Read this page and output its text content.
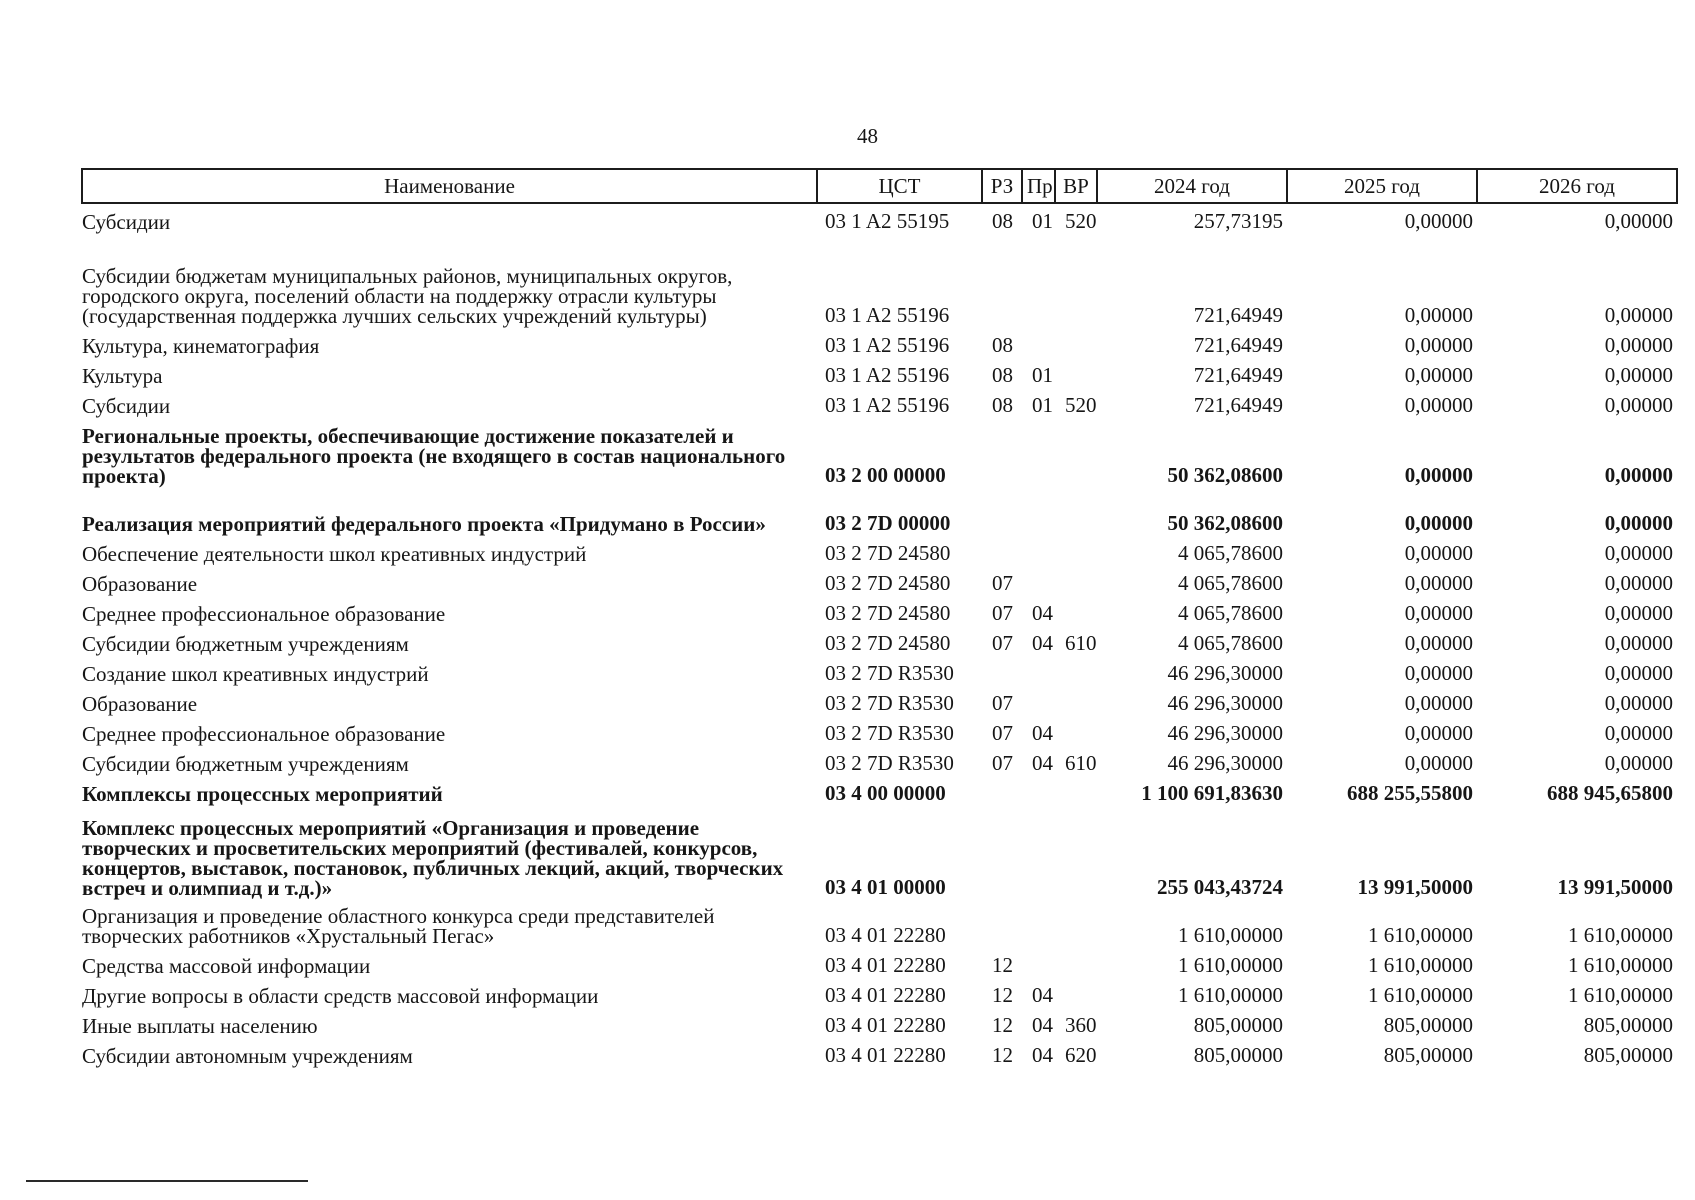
48
Наименование	ЦСТ	РЗ	Пр	ВР	2024 год	2025 год	2026 год
Субсидии	03 1 A2 55195	08	01	520	257,73195	0,00000	0,00000
Субсидии бюджетам муниципальных районов, муниципальных округов, городского округа, поселений области на поддержку отрасли культуры (государственная поддержка лучших сельских учреждений культуры)	03 1 A2 55196				721,64949	0,00000	0,00000
Культура, кинематография	03 1 A2 55196	08			721,64949	0,00000	0,00000
Культура	03 1 A2 55196	08	01		721,64949	0,00000	0,00000
Субсидии	03 1 A2 55196	08	01	520	721,64949	0,00000	0,00000
Региональные проекты, обеспечивающие достижение показателей и результатов федерального проекта (не входящего в состав национального проекта)	03 2 00 00000				50 362,08600	0,00000	0,00000
Реализация мероприятий федерального проекта «Придумано в России»	03 2 7D 00000				50 362,08600	0,00000	0,00000
Обеспечение деятельности школ креативных индустрий	03 2 7D 24580				4 065,78600	0,00000	0,00000
Образование	03 2 7D 24580	07			4 065,78600	0,00000	0,00000
Среднее профессиональное образование	03 2 7D 24580	07	04		4 065,78600	0,00000	0,00000
Субсидии бюджетным учреждениям	03 2 7D 24580	07	04	610	4 065,78600	0,00000	0,00000
Создание школ креативных индустрий	03 2 7D R3530				46 296,30000	0,00000	0,00000
Образование	03 2 7D R3530	07			46 296,30000	0,00000	0,00000
Среднее профессиональное образование	03 2 7D R3530	07	04		46 296,30000	0,00000	0,00000
Субсидии бюджетным учреждениям	03 2 7D R3530	07	04	610	46 296,30000	0,00000	0,00000
Комплексы процессных мероприятий	03 4 00 00000				1 100 691,83630	688 255,55800	688 945,65800
Комплекс процессных мероприятий «Организация и проведение творческих и просветительских мероприятий (фестивалей, конкурсов, концертов, выставок, постановок, публичных лекций, акций, творческих встреч и олимпиад и т.д.)»	03 4 01 00000				255 043,43724	13 991,50000	13 991,50000
Организация и проведение областного конкурса среди представителей творческих работников «Хрустальный Пегас»	03 4 01 22280				1 610,00000	1 610,00000	1 610,00000
Средства массовой информации	03 4 01 22280	12			1 610,00000	1 610,00000	1 610,00000
Другие вопросы в области средств массовой информации	03 4 01 22280	12	04		1 610,00000	1 610,00000	1 610,00000
Иные выплаты населению	03 4 01 22280	12	04	360	805,00000	805,00000	805,00000
Субсидии автономным учреждениям	03 4 01 22280	12	04	620	805,00000	805,00000	805,00000
